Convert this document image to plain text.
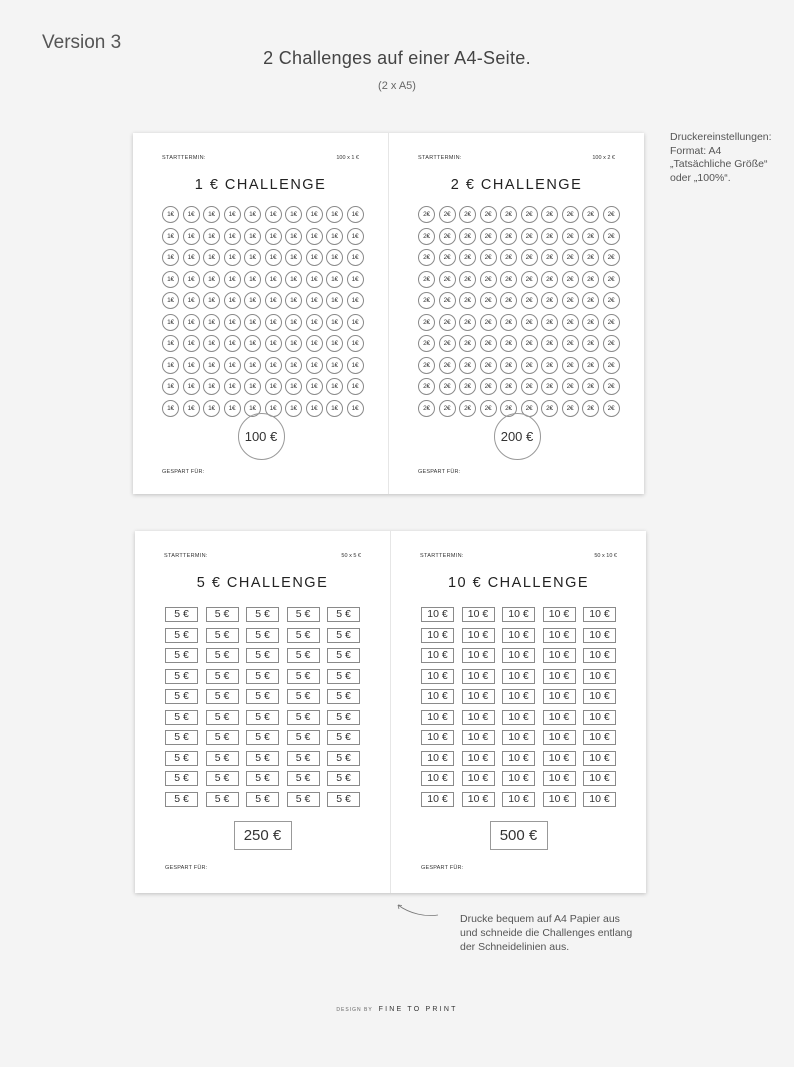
Version 3
2 Challenges auf einer A4-Seite.
(2 x A5)
Druckereinstellungen:
Format: A4
„Tatsächliche Größe“
oder „100%“.
STARTTERMIN:	100 x 1 €
1 € CHALLENGE
1€	1€	1€	1€	1€	1€	1€	1€	1€	1€
1€	1€	1€	1€	1€	1€	1€	1€	1€	1€
1€	1€	1€	1€	1€	1€	1€	1€	1€	1€
1€	1€	1€	1€	1€	1€	1€	1€	1€	1€
1€	1€	1€	1€	1€	1€	1€	1€	1€	1€
1€	1€	1€	1€	1€	1€	1€	1€	1€	1€
1€	1€	1€	1€	1€	1€	1€	1€	1€	1€
1€	1€	1€	1€	1€	1€	1€	1€	1€	1€
1€	1€	1€	1€	1€	1€	1€	1€	1€	1€
1€	1€	1€	1€	1€	1€	1€	1€	1€	1€
100 €
GESPART FÜR:
STARTTERMIN:	100 x 2 €
2 € CHALLENGE
2€	2€	2€	2€	2€	2€	2€	2€	2€	2€
2€	2€	2€	2€	2€	2€	2€	2€	2€	2€
2€	2€	2€	2€	2€	2€	2€	2€	2€	2€
2€	2€	2€	2€	2€	2€	2€	2€	2€	2€
2€	2€	2€	2€	2€	2€	2€	2€	2€	2€
2€	2€	2€	2€	2€	2€	2€	2€	2€	2€
2€	2€	2€	2€	2€	2€	2€	2€	2€	2€
2€	2€	2€	2€	2€	2€	2€	2€	2€	2€
2€	2€	2€	2€	2€	2€	2€	2€	2€	2€
2€	2€	2€	2€	2€	2€	2€	2€	2€	2€
200 €
GESPART FÜR:
STARTTERMIN:	50 x 5 €
5 € CHALLENGE
5 €	5 €	5 €	5 €	5 €
5 €	5 €	5 €	5 €	5 €
5 €	5 €	5 €	5 €	5 €
5 €	5 €	5 €	5 €	5 €
5 €	5 €	5 €	5 €	5 €
5 €	5 €	5 €	5 €	5 €
5 €	5 €	5 €	5 €	5 €
5 €	5 €	5 €	5 €	5 €
5 €	5 €	5 €	5 €	5 €
5 €	5 €	5 €	5 €	5 €
250 €
GESPART FÜR:
STARTTERMIN:	50 x 10 €
10 € CHALLENGE
10 €	10 €	10 €	10 €	10 €
10 €	10 €	10 €	10 €	10 €
10 €	10 €	10 €	10 €	10 €
10 €	10 €	10 €	10 €	10 €
10 €	10 €	10 €	10 €	10 €
10 €	10 €	10 €	10 €	10 €
10 €	10 €	10 €	10 €	10 €
10 €	10 €	10 €	10 €	10 €
10 €	10 €	10 €	10 €	10 €
10 €	10 €	10 €	10 €	10 €
500 €
GESPART FÜR:
Drucke bequem auf A4 Papier aus
und schneide die Challenges entlang
der Schneidelinien aus.
DESIGN BY FINE TO PRINT
